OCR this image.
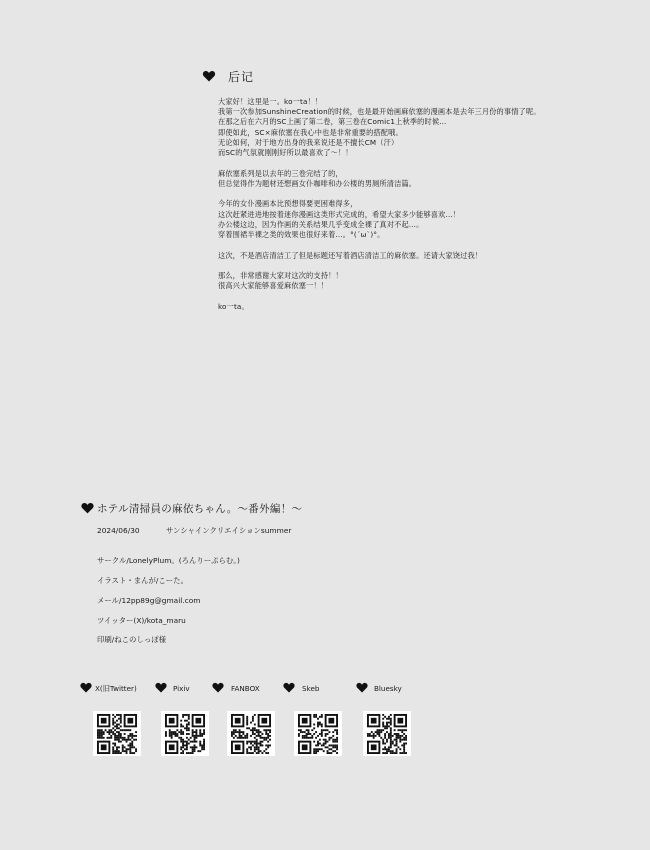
后记
大家好！这里是一。ko一ta！！
我第一次参加SunshineCreation的时候，也是最开始画麻依塞的漫画本是去年三月份的事情了呢。
在那之后在六月的SC上画了第二卷，第三卷在Comic1上秋季的时候…
即使如此，SC×麻依塞在我心中也是非常重要的搭配哦。
无论如何，对于地方出身的我来说还是不擅长CM（汗）
而SC的气氛就刚刚好所以最喜欢了～！！
麻依塞系列是以去年的三卷完结了的，
但总觉得作为题材还想画女仆咖啡和办公楼的男厕所清洁篇。
今年的女仆漫画本比预想得要更困难得多，
这次赶紧进进地按着迷你漫画这类形式完成的，希望大家多少能够喜欢…！
办公楼这边，因为作画的关系结果几乎变成全裸了真对不起…。
穿着围裙半裸之类的效果也很好来着…。°(´ω`)°。
这次，不是酒店清洁工了但是标题还写着酒店清洁工的麻依塞。还请大家饶过我！
那么，非常感谢大家对这次的支持！！
很高兴大家能够喜爱麻依塞一！！
ko一ta。
ホテル清掃員の麻依ちゃん。～番外編！～
2024/06/30	サンシャインクリエイションsummer
サークル/LonelyPlum。(ろんりーぷらむ。)
イラスト・まんが/こーた。
メール/12pp89g@gmail.com
ツイッター(X)/kota_maru
印刷/ねこのしっぽ様
X(旧Twitter)	Pixiv	FANBOX	Skeb	Bluesky
